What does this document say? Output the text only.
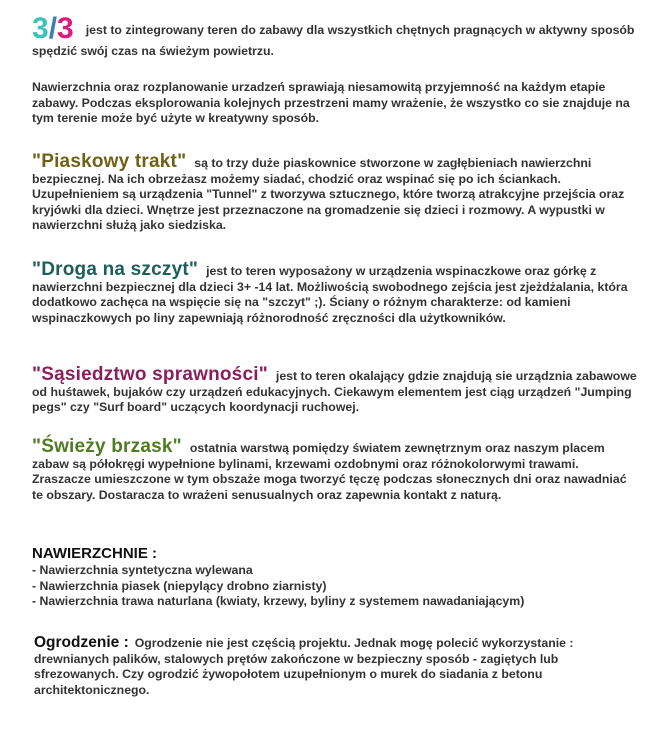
3/3 jest to zintegrowany teren do zabawy dla wszystkich chętnych pragnących w aktywny sposób spędzić swój czas na świeżym powietrzu.

Nawierzchnia oraz rozplanowanie urzadzeń sprawiają niesamowitą przyjemność na każdym etapie zabawy. Podczas eksplorowania kolejnych przestrzeni mamy wrażenie, że wszystko co sie znajduje na tym terenie może być użyte w kreatywny sposób.

"Piaskowy trakt" są to trzy duże piaskownice stworzone w zagłębieniach nawierzchni bezpiecznej. Na ich obrzeżasz możemy siadać, chodzić oraz wspinać się po ich ściankach. Uzupełnieniem są urządzenia "Tunnel" z tworzywa sztucznego, które tworzą atrakcyjne przejścia oraz kryjówki dla dzieci. Wnętrze jest przeznaczone na gromadzenie się dzieci i rozmowy. A wypustki w nawierzchni służą jako siedziska.

"Droga na szczyt" jest to teren wyposażony w urządzenia wspinaczkowe oraz górkę z nawierzchni bezpiecznej dla dzieci 3+ -14 lat. Możliwością swobodnego zejścia jest zjeżdżalania, która dodatkowo zachęca na wspięcie się na "szczyt" ;). Ściany o różnym charakterze: od kamieni wspinaczkowych po liny zapewniają różnorodność zręczności dla użytkowników.

"Sąsiedztwo sprawności" jest to teren okalający gdzie znajdują sie urządznia zabawowe od huśtawek, bujaków czy urządzeń edukacyjnych. Ciekawym elementem jest ciąg urządzeń "Jumping pegs" czy "Surf board" uczących koordynacji ruchowej.

"Świeży brzask" ostatnia warstwą pomiędzy światem zewnętrznym oraz naszym placem zabaw są półokręgi wypełnione bylinami, krzewami ozdobnymi oraz różnokolorwymi trawami. Zraszacze umieszczone w tym obszaże moga tworzyć tęczę podczas słonecznych dni oraz nawadniać te obszary. Dostaracza to wrażeni senusualnych oraz zapewnia kontakt z naturą.

NAWIERZCHNIE :
- Nawierzchnia syntetyczna wylewana
- Nawierzchnia piasek (niepylący drobno ziarnisty)
- Nawierzchnia trawa naturlana (kwiaty, krzewy, byliny z systemem nawadaniającym)

Ogrodzenie : Ogrodzenie nie jest częścią projektu. Jednak mogę polecić wykorzystanie : drewnianych palików, stalowych prętów zakończone w bezpieczny sposób - zagiętych lub sfrezowanych. Czy ogrodzić żywopołotem uzupełnionym o murek do siadania z betonu architektonicznego.
